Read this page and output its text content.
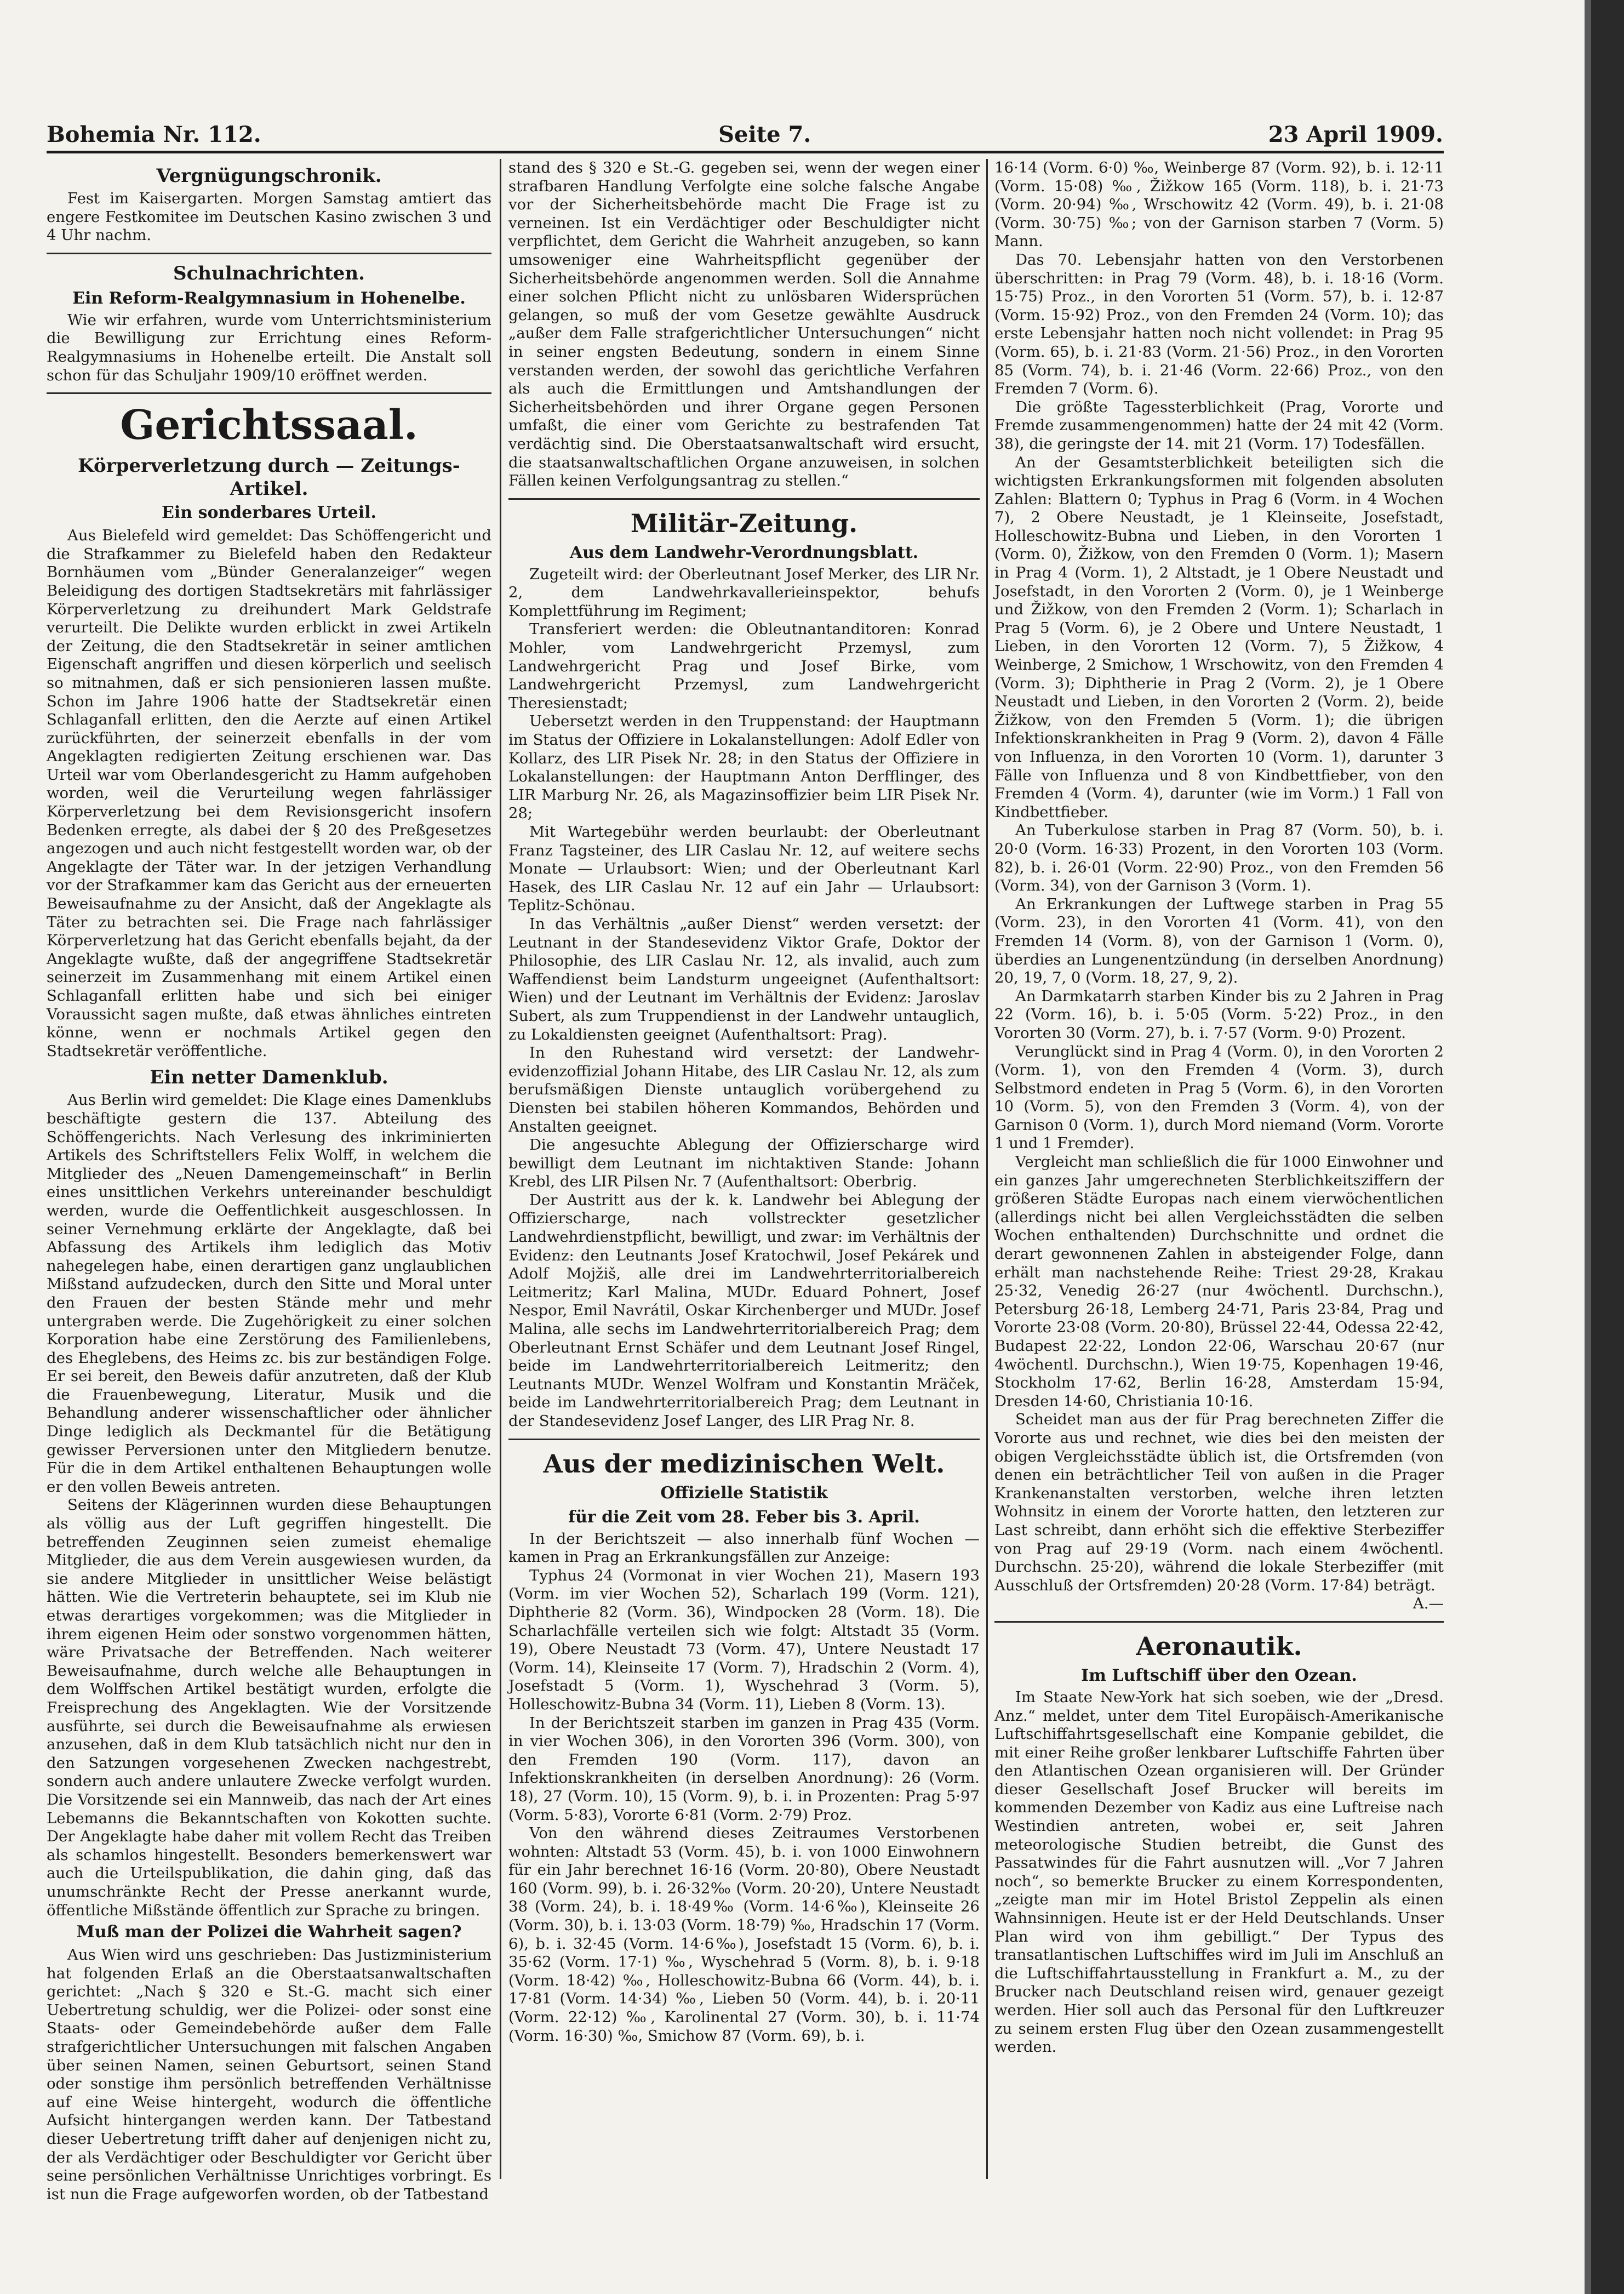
Bohemia Nr. 112.	Seite 7.	23 April 1909.
Vergnügungschronik.

Fest im Kaisergarten. Morgen Samstag amtiert das engere Festkomitee im Deutschen Kasino zwischen 3 und 4 Uhr nachm.

Schulnachrichten.
Ein Reform-Realgymnasium in Hohenelbe.

Wie wir erfahren, wurde vom Unterrichtsministerium die Bewilligung zur Errichtung eines Reform-Realgymnasiums in Hohenelbe erteilt. Die Anstalt soll schon für das Schuljahr 1909/10 eröffnet werden.

Gerichtssaal.
Körperverletzung durch — Zeitungs-Artikel.
Ein sonderbares Urteil.

Aus Bielefeld wird gemeldet: Das Schöffengericht und die Strafkammer zu Bielefeld haben den Redakteur Bornhäumen vom „Bünder Generalanzeiger“ wegen Beleidigung des dortigen Stadtsekretärs mit fahrlässiger Körperverletzung zu dreihundert Mark Geldstrafe verurteilt. Die Delikte wurden erblickt in zwei Artikeln der Zeitung, die den Stadtsekretär in seiner amtlichen Eigenschaft angriffen und diesen körperlich und seelisch so mitnahmen, daß er sich pensionieren lassen mußte. Schon im Jahre 1906 hatte der Stadtsekretär einen Schlaganfall erlitten, den die Aerzte auf einen Artikel zurückführten, der seinerzeit ebenfalls in der vom Angeklagten redigierten Zeitung erschienen war. Das Urteil war vom Oberlandesgericht zu Hamm aufgehoben worden, weil die Verurteilung wegen fahrlässiger Körperverletzung bei dem Revisionsgericht insofern Bedenken erregte, als dabei der § 20 des Preßgesetzes angezogen und auch nicht festgestellt worden war, ob der Angeklagte der Täter war. In der jetzigen Verhandlung vor der Strafkammer kam das Gericht aus der erneuerten Beweisaufnahme zu der Ansicht, daß der Angeklagte als Täter zu betrachten sei. Die Frage nach fahrlässiger Körperverletzung hat das Gericht ebenfalls bejaht, da der Angeklagte wußte, daß der angegriffene Stadtsekretär seinerzeit im Zusammenhang mit einem Artikel einen Schlaganfall erlitten habe und sich bei einiger Voraussicht sagen mußte, daß etwas ähnliches eintreten könne, wenn er nochmals Artikel gegen den Stadtsekretär veröffentliche.

Ein netter Damenklub.

Aus Berlin wird gemeldet: Die Klage eines Damenklubs beschäftigte gestern die 137. Abteilung des Schöffengerichts. Nach Verlesung des inkriminierten Artikels des Schriftstellers Felix Wolff, in welchem die Mitglieder des „Neuen Damengemeinschaft“ in Berlin eines unsittlichen Verkehrs untereinander beschuldigt werden, wurde die Oeffentlichkeit ausgeschlossen. In seiner Vernehmung erklärte der Angeklagte, daß bei Abfassung des Artikels ihm lediglich das Motiv nahegelegen habe, einen derartigen ganz unglaublichen Mißstand aufzudecken, durch den Sitte und Moral unter den Frauen der besten Stände mehr und mehr untergraben werde. Die Zugehörigkeit zu einer solchen Korporation habe eine Zerstörung des Familienlebens, des Eheglebens, des Heims zc. bis zur beständigen Folge. Er sei bereit, den Beweis dafür anzutreten, daß der Klub die Frauenbewegung, Literatur, Musik und die Behandlung anderer wissenschaftlicher oder ähnlicher Dinge lediglich als Deckmantel für die Betätigung gewisser Perversionen unter den Mitgliedern benutze. Für die in dem Artikel enthaltenen Behauptungen wolle er den vollen Beweis antreten.

Seitens der Klägerinnen wurden diese Behauptungen als völlig aus der Luft gegriffen hingestellt. Die betreffenden Zeuginnen seien zumeist ehemalige Mitglieder, die aus dem Verein ausgewiesen wurden, da sie andere Mitglieder in unsittlicher Weise belästigt hätten. Wie die Vertreterin behauptete, sei im Klub nie etwas derartiges vorgekommen; was die Mitglieder in ihrem eigenen Heim oder sonstwo vorgenommen hätten, wäre Privatsache der Betreffenden. Nach weiterer Beweisaufnahme, durch welche alle Behauptungen in dem Wolffschen Artikel bestätigt wurden, erfolgte die Freisprechung des Angeklagten. Wie der Vorsitzende ausführte, sei durch die Beweisaufnahme als erwiesen anzusehen, daß in dem Klub tatsächlich nicht nur den in den Satzungen vorgesehenen Zwecken nachgestrebt, sondern auch andere unlautere Zwecke verfolgt wurden. Die Vorsitzende sei ein Mannweib, das nach der Art eines Lebemanns die Bekanntschaften von Kokotten suchte. Der Angeklagte habe daher mit vollem Recht das Treiben als schamlos hingestellt. Besonders bemerkenswert war auch die Urteilspublikation, die dahin ging, daß das unumschränkte Recht der Presse anerkannt wurde, öffentliche Mißstände öffentlich zur Sprache zu bringen.

Muß man der Polizei die Wahrheit sagen?

Aus Wien wird uns geschrieben: Das Justizministerium hat folgenden Erlaß an die Oberstaatsanwaltschaften gerichtet: „Nach § 320 e St.-G. macht sich einer Uebertretung schuldig, wer die Polizei- oder sonst eine Staats- oder Gemeindebehörde außer dem Falle strafgerichtlicher Untersuchungen mit falschen Angaben über seinen Namen, seinen Geburtsort, seinen Stand oder sonstige ihm persönlich betreffenden Verhältnisse auf eine Weise hintergeht, wodurch die öffentliche Aufsicht hintergangen werden kann. Der Tatbestand dieser Uebertretung trifft daher auf denjenigen nicht zu, der als Verdächtiger oder Beschuldigter vor Gericht über seine persönlichen Verhältnisse Unrichtiges vorbringt. Es ist nun die Frage aufgeworfen worden, ob der Tatbestand

stand des § 320 e St.-G. gegeben sei, wenn der wegen einer strafbaren Handlung Verfolgte eine solche falsche Angabe vor der Sicherheitsbehörde macht Die Frage ist zu verneinen. Ist ein Verdächtiger oder Beschuldigter nicht verpflichtet, dem Gericht die Wahrheit anzugeben, so kann umsoweniger eine Wahrheitspflicht gegenüber der Sicherheitsbehörde angenommen werden. Soll die Annahme einer solchen Pflicht nicht zu unlösbaren Widersprüchen gelangen, so muß der vom Gesetze gewählte Ausdruck „außer dem Falle strafgerichtlicher Untersuchungen“ nicht in seiner engsten Bedeutung, sondern in einem Sinne verstanden werden, der sowohl das gerichtliche Verfahren als auch die Ermittlungen und Amtshandlungen der Sicherheitsbehörden und ihrer Organe gegen Personen umfaßt, die einer vom Gerichte zu bestrafenden Tat verdächtig sind. Die Oberstaatsanwaltschaft wird ersucht, die staatsanwaltschaftlichen Organe anzuweisen, in solchen Fällen keinen Verfolgungsantrag zu stellen.“

Militär-Zeitung.
Aus dem Landwehr-Verordnungsblatt.

Zugeteilt wird: der Oberleutnant Josef Merker, des LIR Nr. 2, dem Landwehrkavallerieinspektor, behufs Komplettführung im Regiment;

Transferiert werden: die Obleutnantanditoren: Konrad Mohler, vom Landwehrgericht Przemysl, zum Landwehrgericht Prag und Josef Birke, vom Landwehrgericht Przemysl, zum Landwehrgericht Theresienstadt;

Uebersetzt werden in den Truppenstand: der Hauptmann im Status der Offiziere in Lokalanstellungen: Adolf Edler von Kollarz, des LIR Pisek Nr. 28; in den Status der Offiziere in Lokalanstellungen: der Hauptmann Anton Derfflinger, des LIR Marburg Nr. 26, als Magazinsoffizier beim LIR Pisek Nr. 28;

Mit Wartegebühr werden beurlaubt: der Oberleutnant Franz Tagsteiner, des LIR Caslau Nr. 12, auf weitere sechs Monate — Urlaubsort: Wien; und der Oberleutnant Karl Hasek, des LIR Caslau Nr. 12 auf ein Jahr — Urlaubsort: Teplitz-Schönau.

In das Verhältnis „außer Dienst“ werden versetzt: der Leutnant in der Standesevidenz Viktor Grafe, Doktor der Philosophie, des LIR Caslau Nr. 12, als invalid, auch zum Waffendienst beim Landsturm ungeeignet (Aufenthaltsort: Wien) und der Leutnant im Verhältnis der Evidenz: Jaroslav Subert, als zum Truppendienst in der Landwehr untauglich, zu Lokaldiensten geeignet (Aufenthaltsort: Prag).

In den Ruhestand wird versetzt: der Landwehr-evidenzoffizial Johann Hitabe, des LIR Caslau Nr. 12, als zum berufsmäßigen Dienste untauglich vorübergehend zu Diensten bei stabilen höheren Kommandos, Behörden und Anstalten geeignet.

Die angesuchte Ablegung der Offizierscharge wird bewilligt dem Leutnant im nichtaktiven Stande: Johann Krebl, des LIR Pilsen Nr. 7 (Aufenthaltsort: Oberbrig.

Der Austritt aus der k. k. Landwehr bei Ablegung der Offizierscharge, nach vollstreckter gesetzlicher Landwehrdienstpflicht, bewilligt, und zwar: im Verhältnis der Evidenz: den Leutnants Josef Kratochwil, Josef Pekárek und Adolf Mojžiš, alle drei im Landwehrterritorialbereich Leitmeritz; Karl Malina, MUDr. Eduard Pohnert, Josef Nespor, Emil Navrátil, Oskar Kirchenberger und MUDr. Josef Malina, alle sechs im Landwehrterritorialbereich Prag; dem Oberleutnant Ernst Schäfer und dem Leutnant Josef Ringel, beide im Landwehrterritorialbereich Leitmeritz; den Leutnants MUDr. Wenzel Wolfram und Konstantin Mräček, beide im Landwehrterritorialbereich Prag; dem Leutnant in der Standesevidenz Josef Langer, des LIR Prag Nr. 8.

Aus der medizinischen Welt.
Offizielle Statistik
für die Zeit vom 28. Feber bis 3. April.

In der Berichtszeit — also innerhalb fünf Wochen — kamen in Prag an Erkrankungsfällen zur Anzeige:

Typhus 24 (Vormonat in vier Wochen 21), Masern 193 (Vorm. im vier Wochen 52), Scharlach 199 (Vorm. 121), Diphtherie 82 (Vorm. 36), Windpocken 28 (Vorm. 18). Die Scharlachfälle verteilen sich wie folgt: Altstadt 35 (Vorm. 19), Obere Neustadt 73 (Vorm. 47), Untere Neustadt 17 (Vorm. 14), Kleinseite 17 (Vorm. 7), Hradschin 2 (Vorm. 4), Josefstadt 5 (Vorm. 1), Wyschehrad 3 (Vorm. 5), Holleschowitz-Bubna 34 (Vorm. 11), Lieben 8 (Vorm. 13).

In der Berichtszeit starben im ganzen in Prag 435 (Vorm. in vier Wochen 306), in den Vororten 396 (Vorm. 300), von den Fremden 190 (Vorm. 117), davon an Infektionskrankheiten (in derselben Anordnung): 26 (Vorm. 18), 27 (Vorm. 10), 15 (Vorm. 9), b. i. in Prozenten: Prag 5·97 (Vorm. 5·83), Vororte 6·81 (Vorm. 2·79) Proz.

Von den während dieses Zeitraumes Verstorbenen wohnten: Altstadt 53 (Vorm. 45), b. i. von 1000 Einwohnern für ein Jahr berechnet 16·16 (Vorm. 20·80), Obere Neustadt 160 (Vorm. 99), b. i. 26·32‰ (Vorm. 20·20), Untere Neustadt 38 (Vorm. 24), b. i. 18·49‰ (Vorm. 14·6‰), Kleinseite 26 (Vorm. 30), b. i. 13·03 (Vorm. 18·79) ‰, Hradschin 17 (Vorm. 6), b. i. 32·45 (Vorm. 14·6‰), Josefstadt 15 (Vorm. 6), b. i. 35·62 (Vorm. 17·1) ‰, Wyschehrad 5 (Vorm. 8), b. i. 9·18 (Vorm. 18·42) ‰, Holleschowitz-Bubna 66 (Vorm. 44), b. i. 17·81 (Vorm. 14·34) ‰, Lieben 50 (Vorm. 44), b. i. 20·11 (Vorm. 22·12) ‰, Karolinental 27 (Vorm. 30), b. i. 11·74 (Vorm. 16·30) ‰, Smichow 87 (Vorm. 69), b. i.

16·14 (Vorm. 6·0) ‰, Weinberge 87 (Vorm. 92), b. i. 12·11 (Vorm. 15·08) ‰, Žižkow 165 (Vorm. 118), b. i. 21·73 (Vorm. 20·94) ‰, Wrschowitz 42 (Vorm. 49), b. i. 21·08 (Vorm. 30·75) ‰; von der Garnison starben 7 (Vorm. 5) Mann.

Das 70. Lebensjahr hatten von den Verstorbenen überschritten: in Prag 79 (Vorm. 48), b. i. 18·16 (Vorm. 15·75) Proz., in den Vororten 51 (Vorm. 57), b. i. 12·87 (Vorm. 15·92) Proz., von den Fremden 24 (Vorm. 10); das erste Lebensjahr hatten noch nicht vollendet: in Prag 95 (Vorm. 65), b. i. 21·83 (Vorm. 21·56) Proz., in den Vororten 85 (Vorm. 74), b. i. 21·46 (Vorm. 22·66) Proz., von den Fremden 7 (Vorm. 6).

Die größte Tagessterblichkeit (Prag, Vororte und Fremde zusammengenommen) hatte der 24 mit 42 (Vorm. 38), die geringste der 14. mit 21 (Vorm. 17) Todesfällen.

An der Gesamtsterblichkeit beteiligten sich die wichtigsten Erkrankungsformen mit folgenden absoluten Zahlen: Blattern 0; Typhus in Prag 6 (Vorm. in 4 Wochen 7), 2 Obere Neustadt, je 1 Kleinseite, Josefstadt, Holleschowitz-Bubna und Lieben, in den Vororten 1 (Vorm. 0), Žižkow, von den Fremden 0 (Vorm. 1); Masern in Prag 4 (Vorm. 1), 2 Altstadt, je 1 Obere Neustadt und Josefstadt, in den Vororten 2 (Vorm. 0), je 1 Weinberge und Žižkow, von den Fremden 2 (Vorm. 1); Scharlach in Prag 5 (Vorm. 6), je 2 Obere und Untere Neustadt, 1 Lieben, in den Vororten 12 (Vorm. 7), 5 Žižkow, 4 Weinberge, 2 Smichow, 1 Wrschowitz, von den Fremden 4 (Vorm. 3); Diphtherie in Prag 2 (Vorm. 2), je 1 Obere Neustadt und Lieben, in den Vororten 2 (Vorm. 2), beide Žižkow, von den Fremden 5 (Vorm. 1); die übrigen Infektionskrankheiten in Prag 9 (Vorm. 2), davon 4 Fälle von Influenza, in den Vororten 10 (Vorm. 1), darunter 3 Fälle von Influenza und 8 von Kindbettfieber, von den Fremden 4 (Vorm. 4), darunter (wie im Vorm.) 1 Fall von Kindbettfieber.

An Tuberkulose starben in Prag 87 (Vorm. 50), b. i. 20·0 (Vorm. 16·33) Prozent, in den Vororten 103 (Vorm. 82), b. i. 26·01 (Vorm. 22·90) Proz., von den Fremden 56 (Vorm. 34), von der Garnison 3 (Vorm. 1).

An Erkrankungen der Luftwege starben in Prag 55 (Vorm. 23), in den Vororten 41 (Vorm. 41), von den Fremden 14 (Vorm. 8), von der Garnison 1 (Vorm. 0), überdies an Lungenentzündung (in derselben Anordnung) 20, 19, 7, 0 (Vorm. 18, 27, 9, 2).

An Darmkatarrh starben Kinder bis zu 2 Jahren in Prag 22 (Vorm. 16), b. i. 5·05 (Vorm. 5·22) Proz., in den Vororten 30 (Vorm. 27), b. i. 7·57 (Vorm. 9·0) Prozent.

Verunglückt sind in Prag 4 (Vorm. 0), in den Vororten 2 (Vorm. 1), von den Fremden 4 (Vorm. 3), durch Selbstmord endeten in Prag 5 (Vorm. 6), in den Vororten 10 (Vorm. 5), von den Fremden 3 (Vorm. 4), von der Garnison 0 (Vorm. 1), durch Mord niemand (Vorm. Vororte 1 und 1 Fremder).

Vergleicht man schließlich die für 1000 Einwohner und ein ganzes Jahr umgerechneten Sterblichkeitsziffern der größeren Städte Europas nach einem vierwöchentlichen (allerdings nicht bei allen Vergleichsstädten die selben Wochen enthaltenden) Durchschnitte und ordnet die derart gewonnenen Zahlen in absteigender Folge, dann erhält man nachstehende Reihe: Triest 29·28, Krakau 25·32, Venedig 26·27 (nur 4wöchentl. Durchschn.), Petersburg 26·18, Lemberg 24·71, Paris 23·84, Prag und Vororte 23·08 (Vorm. 20·80), Brüssel 22·44, Odessa 22·42, Budapest 22·22, London 22·06, Warschau 20·67 (nur 4wöchentl. Durchschn.), Wien 19·75, Kopenhagen 19·46, Stockholm 17·62, Berlin 16·28, Amsterdam 15·94, Dresden 14·60, Christiania 10·16.

Scheidet man aus der für Prag berechneten Ziffer die Vororte aus und rechnet, wie dies bei den meisten der obigen Vergleichsstädte üblich ist, die Ortsfremden (von denen ein beträchtlicher Teil von außen in die Prager Krankenanstalten verstorben, welche ihren letzten Wohnsitz in einem der Vororte hatten, den letzteren zur Last schreibt, dann erhöht sich die effektive Sterbeziffer von Prag auf 29·19 (Vorm. nach einem 4wöchentl. Durchschn. 25·20), während die lokale Sterbeziffer (mit Ausschluß der Ortsfremden) 20·28 (Vorm. 17·84) beträgt.

A.—
Aeronautik.
Im Luftschiff über den Ozean.

Im Staate New-York hat sich soeben, wie der „Dresd. Anz.“ meldet, unter dem Titel Europäisch-Amerikanische Luftschiffahrtsgesellschaft eine Kompanie gebildet, die mit einer Reihe großer lenkbarer Luftschiffe Fahrten über den Atlantischen Ozean organisieren will. Der Gründer dieser Gesellschaft Josef Brucker will bereits im kommenden Dezember von Kadiz aus eine Luftreise nach Westindien antreten, wobei er, seit Jahren meteorologische Studien betreibt, die Gunst des Passatwindes für die Fahrt ausnutzen will. „Vor 7 Jahren noch“, so bemerkte Brucker zu einem Korrespondenten, „zeigte man mir im Hotel Bristol Zeppelin als einen Wahnsinnigen. Heute ist er der Held Deutschlands. Unser Plan wird von ihm gebilligt.“ Der Typus des transatlantischen Luftschiffes wird im Juli im Anschluß an die Luftschiffahrtausstellung in Frankfurt a. M., zu der Brucker nach Deutschland reisen wird, genauer gezeigt werden. Hier soll auch das Personal für den Luftkreuzer zu seinem ersten Flug über den Ozean zusammengestellt werden.
